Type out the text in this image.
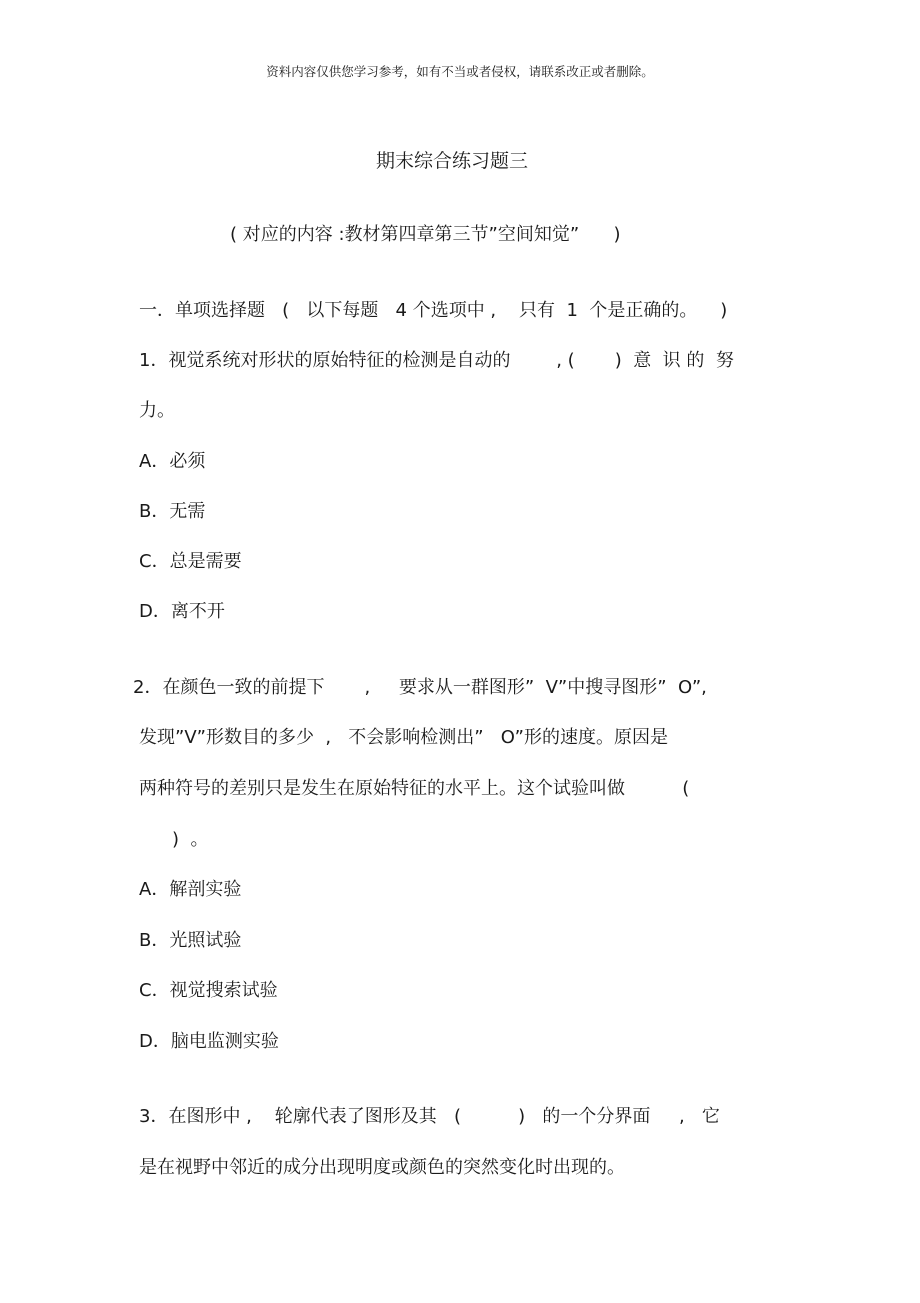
资料内容仅供您学习参考，如有不当或者侵权，请联系改正或者删除。
期末综合练习题三
( 对应的内容 :教材第四章第三节”空间知觉”      )
一．单项选择题   (   以下每题   4 个选项中 ,    只有  1  个是正确的。    )
1．视觉系统对形状的原始特征的检测是自动的        , (       )  意  识 的  努
力。
A．必须
B．无需
C．总是需要
D．离不开
2．在颜色一致的前提下       ,     要求从一群图形”  V”中搜寻图形”  O”,
发现”V”形数目的多少  ,   不会影响检测出”   O”形的速度。原因是
两种符号的差别只是发生在原始特征的水平上。这个试验叫做          (
)  。
A．解剖实验
B．光照试验
C．视觉搜索试验
D．脑电监测实验
3．在图形中 ,    轮廓代表了图形及其   (          )   的一个分界面     ,   它
是在视野中邻近的成分出现明度或颜色的突然变化时出现的。
